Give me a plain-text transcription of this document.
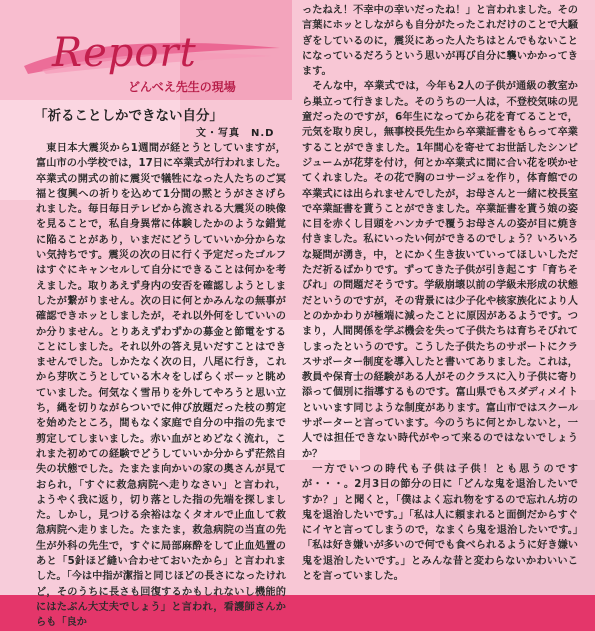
Report
どんべえ先生の現場
「祈ることしかできない自分」
文・写真　N.D

東日本大震災から1週間が経とうとしていますが，富山市の小学校では，17日に卒業式が行われました。卒業式の開式の前に震災で犠牲になった人たちのご冥福と復興への祈りを込めて1分間の黙とうがささげられました。毎日毎日テレビから流される大震災の映像を見ることで，私自身異常に体験したかのような錯覚に陥ることがあり，いまだにどうしていいか分からない気持ちです。震災の次の日に行く予定だったゴルフはすぐにキャンセルして自分にできることは何かを考えました。取りあえず身内の安否を確認しようとしましたが繋がりません。次の日に何とかみんなの無事が確認できホッとしましたが，それ以外何をしていいのか分りません。とりあえずわずかの募金と節電をすることにしました。それ以外の答え見いだすことはできませんでした。しかたなく次の日，八尾に行き，これから芽吹こうとしている木々をしばらくボーッと眺めていました。何気なく雪吊りを外してやろうと思い立ち，縄を切りながらついでに伸び放題だった枝の剪定を始めたところ，間もなく家庭で自分の中指の先まで剪定してしまいました。赤い血がとめどなく流れ，これまた初めての経験でどうしていいか分からず茫然自失の状態でした。たまたま向かいの家の奥さんが見ておられ，「すぐに救急病院へ走りなさい」と言われ，ようやく我に返り，切り落とした指の先端を探しました。しかし，見つける余裕はなくタオルで止血して救急病院へ走りました。たまたま，救急病院の当直の先生が外科の先生で，すぐに局部麻酔をして止血処置のあと「5針ほど縫い合わせておいたから」と言われました。「今は中指が潔指と同じほどの長さになったけれど，そのうちに長さも回復するかもしれないし機能的にはたぶん大丈夫でしょう」と言われ，看護師さんからも「良か

ったねえ！不幸中の幸いだったね！」と言われました。その言葉にホッとしながらも自分がたったこれだけのことで大騒ぎをしているのに，震災にあった人たちはとんでもないことになっているだろうという思いが再び自分に襲いかかってきます。

そんな中，卒業式では，今年も2人の子供が通級の教室から巣立って行きました。そのうちの一人は，不登校気味の児童だったのですが，6年生になってから花を育てることで，元気を取り戻し，無事校長先生から卒業証書をもらって卒業することができました。1年間心を寄せてお世話したシンビジュームが花芽を付け，何とか卒業式に間に合い花を咲かせてくれました。その花で胸のコサージュを作り，体育館での卒業式には出られませんでしたが，お母さんと一緒に校長室で卒業証書を貰うことができました。卒業証書を貰う娘の姿に目を赤くし目頭をハンカチで覆うお母さんの姿が目に焼き付きました。私にいったい何ができるのでしょう？いろいろな疑問が湧き，中，とにかく生き抜いていってほしいしただただ祈るばかりです。ずってきた子供が引き起こす「育ちそびれ」の問題だそうです。学級崩壊以前の学級未形成の状態だというのですが，その背景には少子化や核家族化により人とのかかわりが極端に減ったことに原因があるようです。つまり，人間関係を学ぶ機会を失って子供たちは育ちそびれてしまったというのです。こうした子供たちのサポートにクラスサポーター制度を導入したと書いてありました。これは，教員や保育士の経験がある人がそのクラスに入り子供に寄り添って個別に指導するものです。富山県でもスダディメイトといいます同じような制度があります。富山市ではスクールサポーターと言っています。今のうちに何とかしないと，一人では担任できない時代がやって来るのではないでしょうか？

一方でいつの時代も子供は子供！とも思うのですが・・・。2月3日の節分の日に「どんな鬼を退治したいですか？」と聞くと，「僕はよく忘れ物をするので忘れん坊の鬼を退治したいです。」「私は人に頼まれると面倒だからすぐにイヤと言ってしまうので，なまくら鬼を退治したいです。」「私は好き嫌いが多いので何でも食べられるように好き嫌い鬼を退治したいです。」とみんな昔と変わらないかわいいことを言っていました。
